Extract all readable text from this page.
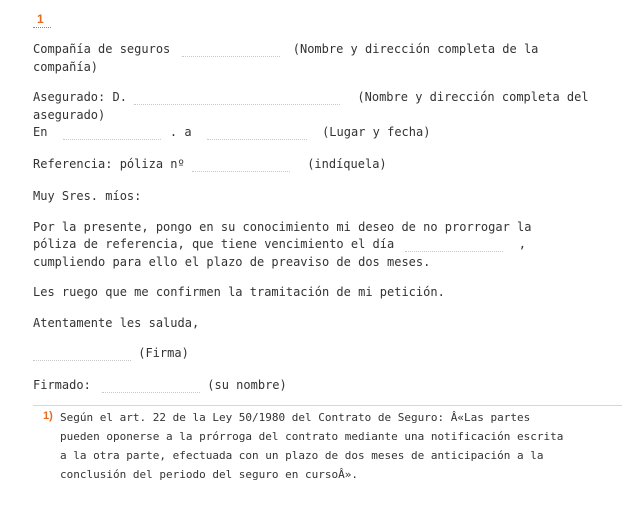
1
Compañía de seguros	(Nombre y dirección completa de la
compañía)
Asegurado: D.	(Nombre y dirección completa del
asegurado)
En	. a	(Lugar y fecha)
Referencia: póliza nº	(indíquela)
Muy Sres. míos:
Por la presente, pongo en su conocimiento mi deseo de no prorrogar la
póliza de referencia, que tiene vencimiento el día	,
cumpliendo para ello el plazo de preaviso de dos meses.
Les ruego que me confirmen la tramitación de mi petición.
Atentamente les saluda,
(Firma)
Firmado:	(su nombre)
1) Según el art. 22 de la Ley 50/1980 del Contrato de Seguro: Â«Las partes
pueden oponerse a la prórroga del contrato mediante una notificación escrita
a la otra parte, efectuada con un plazo de dos meses de anticipación a la
conclusión del periodo del seguro en cursoÂ».
